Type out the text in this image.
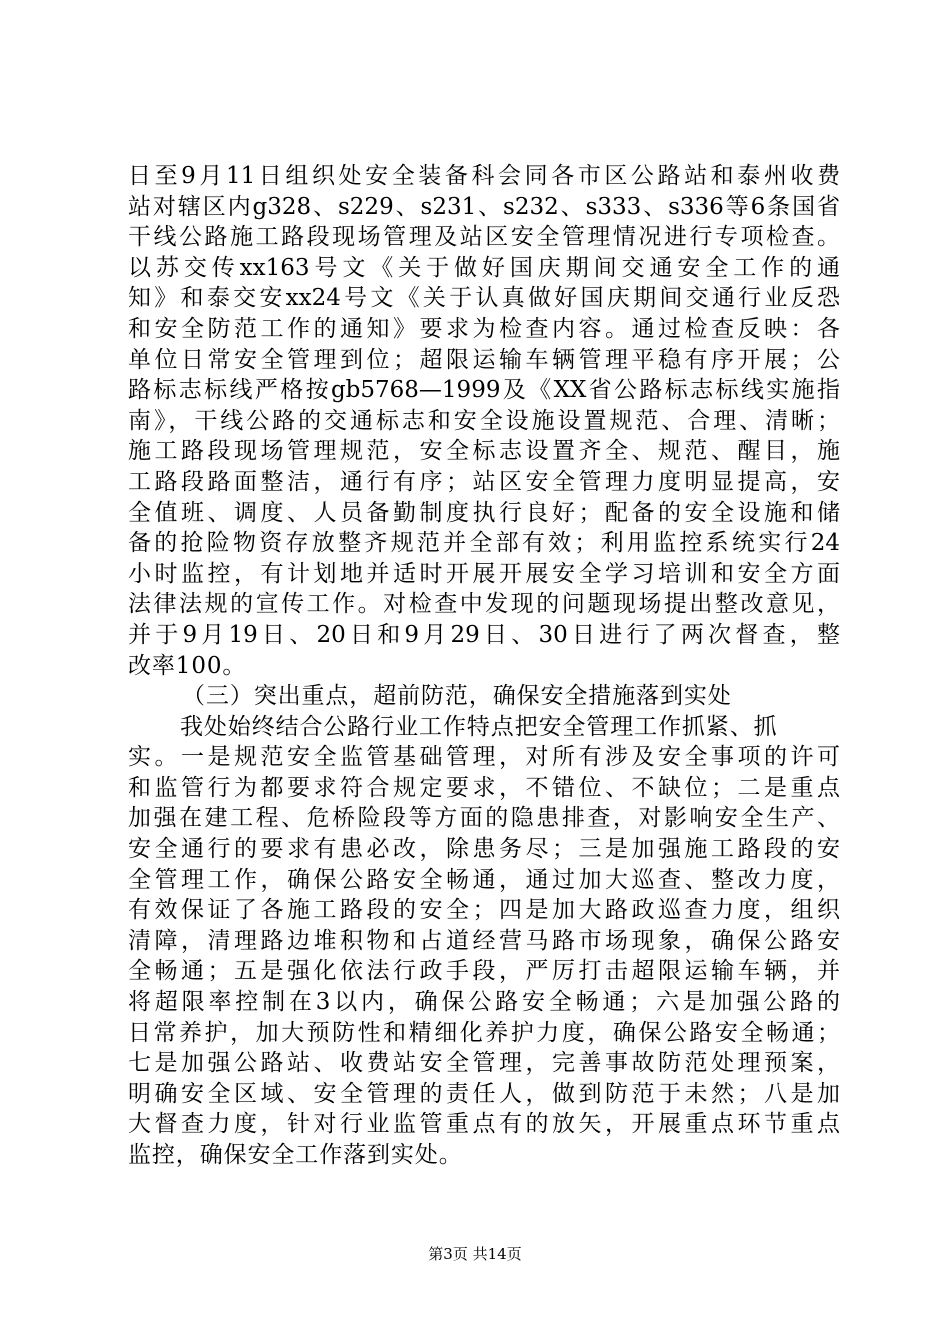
日至9月11日组织处安全装备科会同各市区公路站和泰州收费
站对辖区内g328、s229、s231、s232、s333、s336等6条国省
干线公路施工路段现场管理及站区安全管理情况进行专项检查。
以苏交传xx163号文《关于做好国庆期间交通安全工作的通
知》和泰交安xx24号文《关于认真做好国庆期间交通行业反恐
和安全防范工作的通知》要求为检查内容。通过检查反映：各
单位日常安全管理到位；超限运输车辆管理平稳有序开展；公
路标志标线严格按gb5768—1999及《XX省公路标志标线实施指
南》，干线公路的交通标志和安全设施设置规范、合理、清晰；
施工路段现场管理规范，安全标志设置齐全、规范、醒目，施
工路段路面整洁，通行有序；站区安全管理力度明显提高，安
全值班、调度、人员备勤制度执行良好；配备的安全设施和储
备的抢险物资存放整齐规范并全部有效；利用监控系统实行24
小时监控，有计划地并适时开展开展安全学习培训和安全方面
法律法规的宣传工作。对检查中发现的问题现场提出整改意见，
并于9月19日、20日和9月29日、30日进行了两次督查，整
改率100。
（三）突出重点，超前防范，确保安全措施落到实处
我处始终结合公路行业工作特点把安全管理工作抓紧、抓
实。一是规范安全监管基础管理，对所有涉及安全事项的许可
和监管行为都要求符合规定要求，不错位、不缺位；二是重点
加强在建工程、危桥险段等方面的隐患排查，对影响安全生产、
安全通行的要求有患必改，除患务尽；三是加强施工路段的安
全管理工作，确保公路安全畅通，通过加大巡查、整改力度，
有效保证了各施工路段的安全；四是加大路政巡查力度，组织
清障，清理路边堆积物和占道经营马路市场现象，确保公路安
全畅通；五是强化依法行政手段，严厉打击超限运输车辆，并
将超限率控制在3以内，确保公路安全畅通；六是加强公路的
日常养护，加大预防性和精细化养护力度，确保公路安全畅通；
七是加强公路站、收费站安全管理，完善事故防范处理预案，
明确安全区域、安全管理的责任人，做到防范于未然；八是加
大督查力度，针对行业监管重点有的放矢，开展重点环节重点
监控，确保安全工作落到实处。
第3页 共14页
